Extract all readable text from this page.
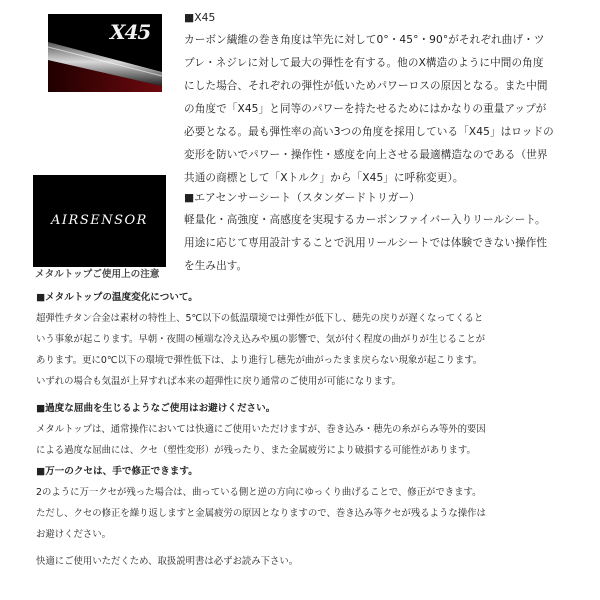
X45
■X45
カーボン繊維の巻き角度は竿先に対して0°・45°・90°がそれぞれ曲げ・ツ
ブレ・ネジレに対して最大の弾性を有する。他のX構造のように中間の角度
にした場合、それぞれの弾性が低いためパワーロスの原因となる。また中間
の角度で「X45」と同等のパワーを持たせるためにはかなりの重量アップが
必要となる。最も弾性率の高い3つの角度を採用している「X45」はロッドの
変形を防いでパワー・操作性・感度を向上させる最適構造なのである（世界
共通の商標として「Xトルク」から「X45」に呼称変更）。
AIRSENSOR
■エアセンサーシート（スタンダードトリガー）
軽量化・高強度・高感度を実現するカーボンファイバー入りリールシート。
用途に応じて専用設計することで汎用リールシートでは体験できない操作性
を生み出す。
メタルトップご使用上の注意
■メタルトップの温度変化について。
超弾性チタン合金は素材の特性上、5℃以下の低温環境では弾性が低下し、穂先の戻りが遅くなってくると
いう事象が起こります。早朝・夜間の極端な冷え込みや風の影響で、気が付く程度の曲がりが生じることが
あります。更に0℃以下の環境で弾性低下は、より進行し穂先が曲がったまま戻らない現象が起こります。
いずれの場合も気温が上昇すれば本来の超弾性に戻り通常のご使用が可能になります。
■過度な屈曲を生じるようなご使用はお避けください。
メタルトップは、通常操作においては快適にご使用いただけますが、巻き込み・穂先の糸がらみ等外的要因
による過度な屈曲には、クセ（塑性変形）が残ったり、また金属疲労により破損する可能性があります。
■万一のクセは、手で修正できます。
2のように万一クセが残った場合は、曲っている側と逆の方向にゆっくり曲げることで、修正ができます。
ただし、クセの修正を繰り返しますと金属疲労の原因となりますので、巻き込み等クセが残るような操作は
お避けください。
快適にご使用いただくため、取扱説明書は必ずお読み下さい。
